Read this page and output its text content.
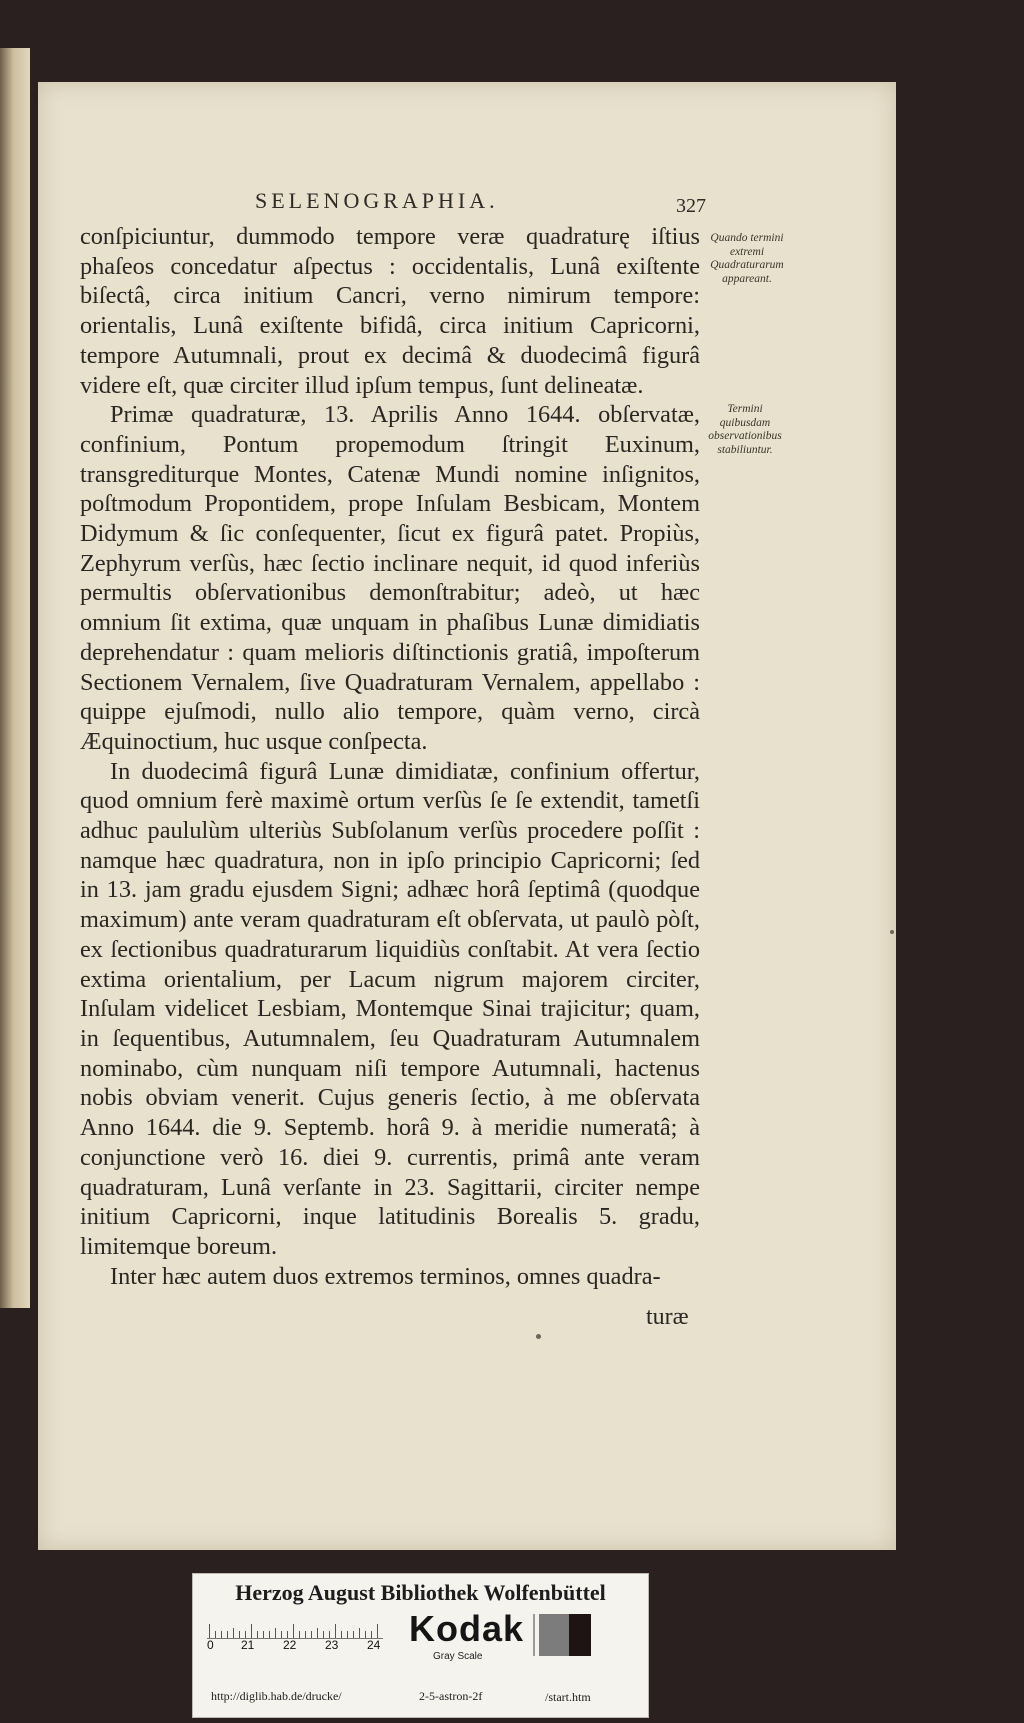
SELENOGRAPHIA.	327
conſpiciuntur, dummodo tempore veræ quadraturę iſtius phaſeos concedatur aſpectus : occidentalis, Lunâ exiſtente biſectâ, circa initium Cancri, verno nimirum tempore: orientalis, Lunâ exiſtente bifidâ, circa initium Capricorni, tempore Autumnali, prout ex decimâ & duodecimâ figurâ videre eſt, quæ circiter illud ipſum tempus, ſunt delineatæ.
Primæ quadraturæ, 13. Aprilis Anno 1644. obſervatæ, confinium, Pontum propemodum ſtringit Euxinum, transgrediturque Montes, Catenæ Mundi nomine inſignitos, poſtmodum Propontidem, prope Inſulam Besbicam, Montem Didymum & ſic conſequenter, ſicut ex figurâ patet. Propiùs, Zephyrum verſùs, hæc ſectio inclinare nequit, id quod inferiùs permultis obſervationibus demonſtrabitur; adeò, ut hæc omnium ſit extima, quæ unquam in phaſibus Lunæ dimidiatis deprehendatur : quam melioris diſtinctionis gratiâ, impoſterum Sectionem Vernalem, ſive Quadraturam Vernalem, appellabo : quippe ejuſmodi, nullo alio tempore, quàm verno, circà Æquinoctium, huc usque conſpecta.
In duodecimâ figurâ Lunæ dimidiatæ, confinium offertur, quod omnium ferè maximè ortum verſùs ſe ſe extendit, tametſi adhuc paululùm ulteriùs Subſolanum verſùs procedere poſſit : namque hæc quadratura, non in ipſo principio Capricorni; ſed in 13. jam gradu ejusdem Signi; adhæc horâ ſeptimâ (quodque maximum) ante veram quadraturam eſt obſervata, ut paulò pòſt, ex ſectionibus quadraturarum liquidiùs conſtabit. At vera ſectio extima orientalium, per Lacum nigrum majorem circiter, Inſulam videlicet Lesbiam, Montemque Sinai trajicitur; quam, in ſequentibus, Autumnalem, ſeu Quadraturam Autumnalem nominabo, cùm nunquam niſi tempore Autumnali, hactenus nobis obviam venerit. Cujus generis ſectio, à me obſervata Anno 1644. die 9. Septemb. horâ 9. à meridie numeratâ; à conjunctione verò 16. diei 9. currentis, primâ ante veram quadraturam, Lunâ verſante in 23. Sagittarii, circiter nempe initium Capricorni, inque latitudinis Borealis 5. gradu, limitemque boreum.
Inter hæc autem duos extremos terminos, omnes quadra-
turæ
Quando termini extremi Quadraturarum appareant.
Termini quibusdam observationibus stabiliuntur.
Herzog August Bibliothek Wolfenbüttel
0 21 22 23 24 Kodak
Gray Scale
http://diglib.hab.de/drucke/	2-5-astron-2f	/start.htm
